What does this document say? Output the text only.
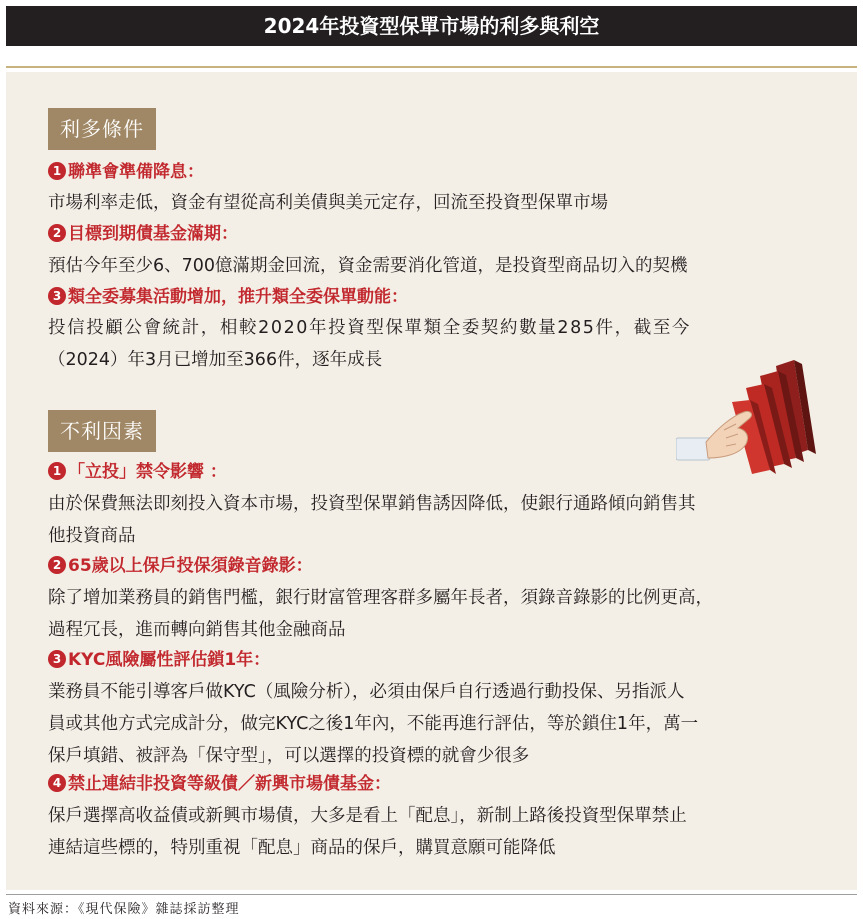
2024年投資型保單市場的利多與利空
利多條件
1 聯準會準備降息：
市場利率走低，資金有望從高利美債與美元定存，回流至投資型保單市場
2 目標到期債基金滿期：
預估今年至少6、700億滿期金回流，資金需要消化管道，是投資型商品切入的契機
3 類全委募集活動增加，推升類全委保單動能：
投信投顧公會統計，相較2020年投資型保單類全委契約數量285件，截至今
（2024）年3月已增加至366件，逐年成長
不利因素
1 「立投」禁令影響 ：
由於保費無法即刻投入資本市場，投資型保單銷售誘因降低，使銀行通路傾向銷售其
他投資商品
2 65歲以上保戶投保須錄音錄影：
除了增加業務員的銷售門檻，銀行財富管理客群多屬年長者，須錄音錄影的比例更高，
過程冗長，進而轉向銷售其他金融商品
3 KYC風險屬性評估鎖1年：
業務員不能引導客戶做KYC（風險分析），必須由保戶自行透過行動投保、另指派人
員或其他方式完成計分，做完KYC之後1年內，不能再進行評估，等於鎖住1年，萬一
保戶填錯、被評為「保守型」，可以選擇的投資標的就會少很多
4 禁止連結非投資等級債／新興市場債基金：
保戶選擇高收益債或新興市場債，大多是看上「配息」，新制上路後投資型保單禁止
連結這些標的，特別重視「配息」商品的保戶，購買意願可能降低
資料來源：《現代保險》雜誌採訪整理
